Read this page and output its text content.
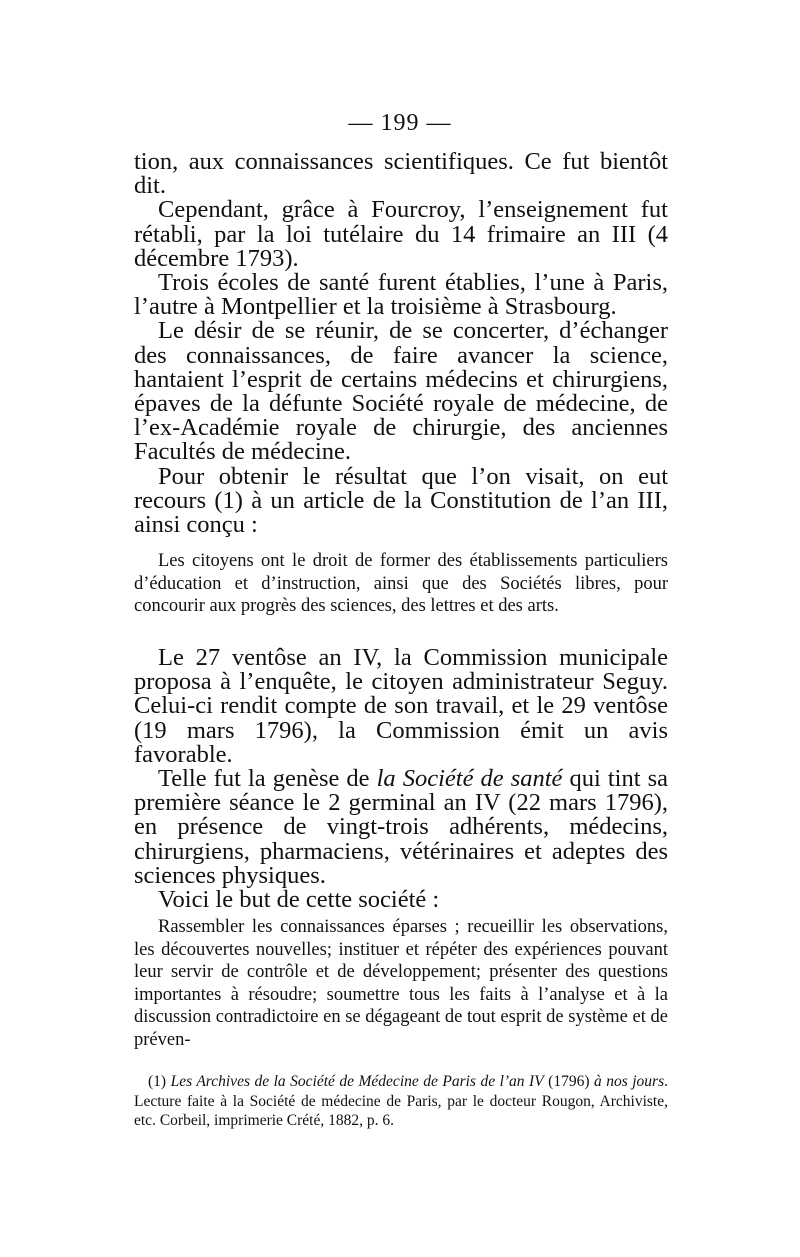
— 199 —

tion, aux connaissances scientifiques. Ce fut bientôt dit.

Cependant, grâce à Fourcroy, l’enseignement fut rétabli, par la loi tutélaire du 14 frimaire an III (4 décembre 1793).

Trois écoles de santé furent établies, l’une à Paris, l’autre à Montpellier et la troisième à Strasbourg.

Le désir de se réunir, de se concerter, d’échanger des connaissances, de faire avancer la science, hantaient l’esprit de certains médecins et chirurgiens, épaves de la défunte Société royale de médecine, de l’ex-Académie royale de chirurgie, des anciennes Facultés de médecine.

Pour obtenir le résultat que l’on visait, on eut recours (1) à un article de la Constitution de l’an III, ainsi conçu :

Les citoyens ont le droit de former des établissements particuliers d’éducation et d’instruction, ainsi que des Sociétés libres, pour concourir aux progrès des sciences, des lettres et des arts.

Le 27 ventôse an IV, la Commission municipale proposa à l’enquête, le citoyen administrateur Seguy. Celui-ci rendit compte de son travail, et le 29 ventôse (19 mars 1796), la Commission émit un avis favorable.

Telle fut la genèse de la Société de santé qui tint sa première séance le 2 germinal an IV (22 mars 1796), en présence de vingt-trois adhérents, médecins, chirurgiens, pharmaciens, vétérinaires et adeptes des sciences physiques.

Voici le but de cette société :

Rassembler les connaissances éparses ; recueillir les observations, les découvertes nouvelles; instituer et répéter des expériences pouvant leur servir de contrôle et de développement; présenter des questions importantes à résoudre; soumettre tous les faits à l’analyse et à la discussion contradictoire en se dégageant de tout esprit de système et de préven-

(1) Les Archives de la Société de Médecine de Paris de l’an IV (1796) à nos jours. Lecture faite à la Société de médecine de Paris, par le docteur Rougon, Archiviste, etc. Corbeil, imprimerie Crété, 1882, p. 6.
